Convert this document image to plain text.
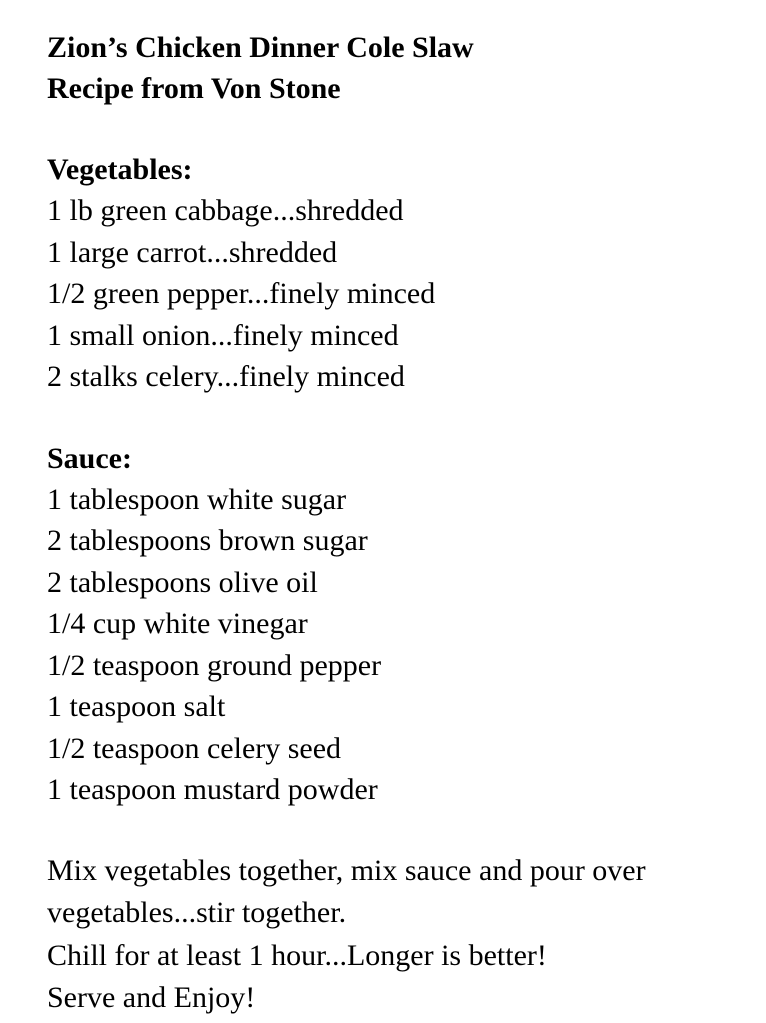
Zion’s Chicken Dinner Cole Slaw

Recipe from Von Stone

Vegetables:

1 lb green cabbage...shredded

1 large carrot...shredded

1/2 green pepper...finely minced

1 small onion...finely minced

2 stalks celery...finely minced

Sauce:

1 tablespoon white sugar

2 tablespoons brown sugar

2 tablespoons olive oil

1/4 cup white vinegar

1/2 teaspoon ground pepper

1 teaspoon salt

1/2 teaspoon celery seed

1 teaspoon mustard powder

Mix vegetables together, mix sauce and pour over

vegetables...stir together.

Chill for at least 1 hour...Longer is better!

Serve and Enjoy!
